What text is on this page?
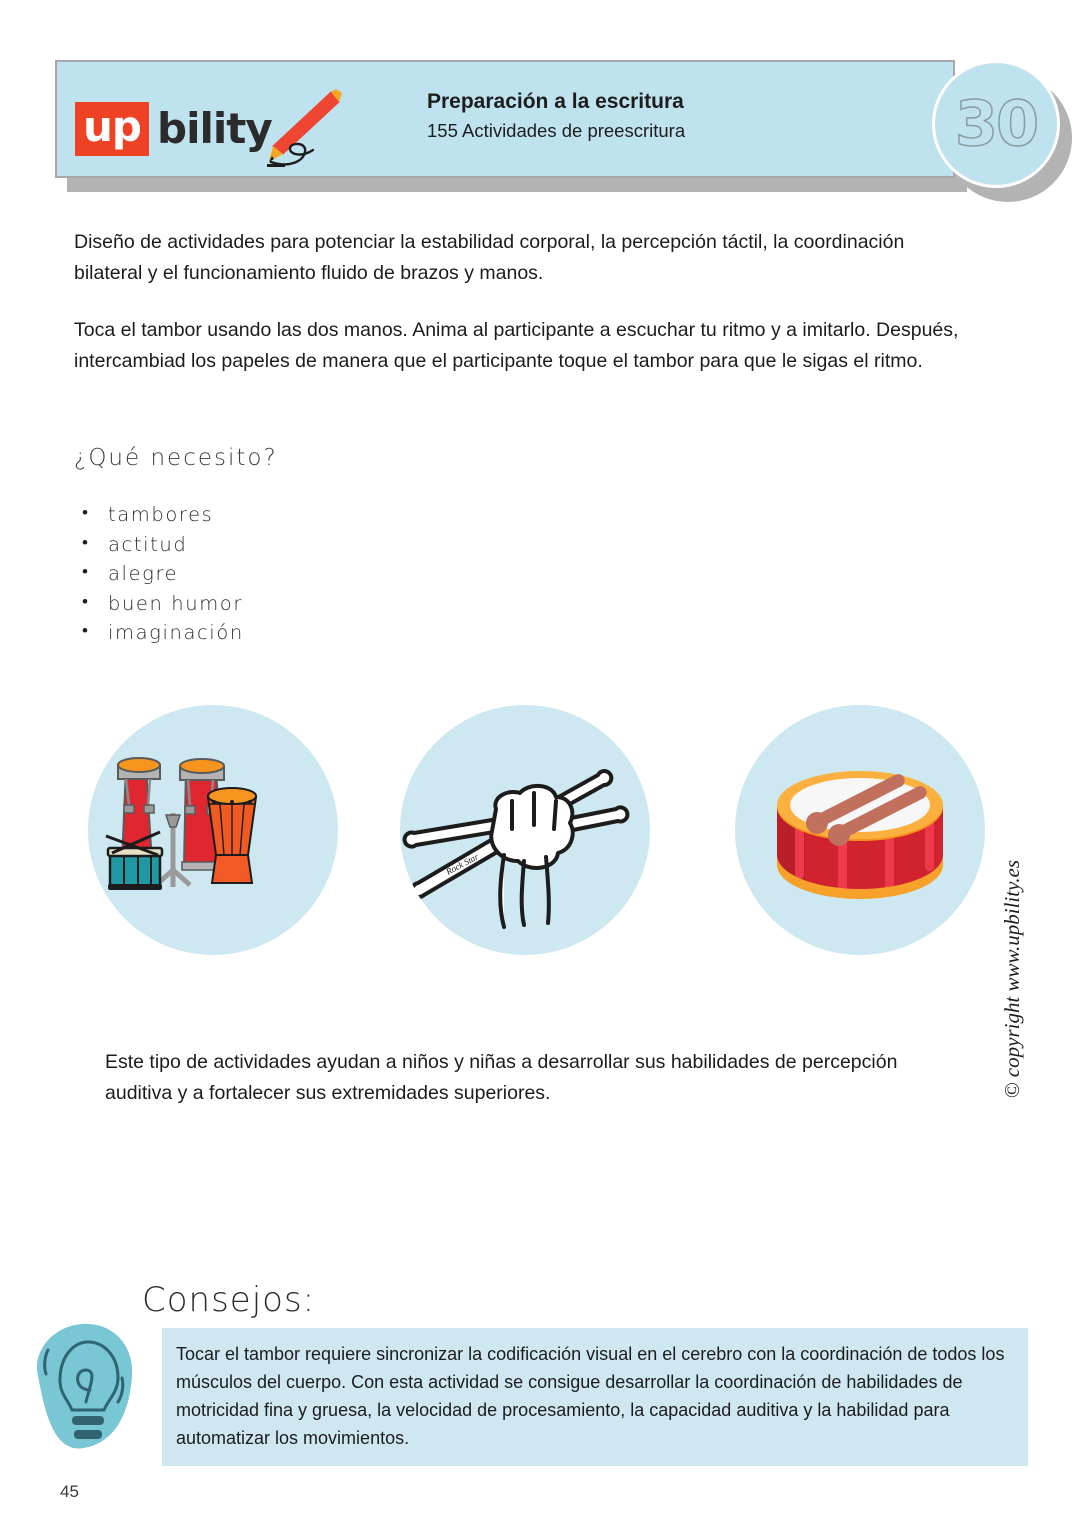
up bility
Preparación a la escritura
155 Actividades de preescritura	30
Diseño de actividades para potenciar la estabilidad corporal, la percepción táctil, la coordinación bilateral y el funcionamiento fluido de brazos y manos.
Toca el tambor usando las dos manos. Anima al participante a escuchar tu ritmo y a imitarlo. Después, intercambiad los papeles de manera que el participante toque el tambor para que le sigas el ritmo.
¿Qué necesito?
• tambores
• actitud
• alegre
• buen humor
• imaginación
Rock Star
Este tipo de actividades ayudan a niños y niñas a desarrollar sus habilidades de percepción auditiva y a fortalecer sus extremidades superiores.	© copyright www.upbility.es
Consejos:

Tocar el tambor requiere sincronizar la codificación visual en el cerebro con la coordinación de todos los músculos del cuerpo. Con esta actividad se consigue desarrollar la coordinación de habilidades de motricidad fina y gruesa, la velocidad de procesamiento, la capacidad auditiva y la habilidad para automatizar los movimientos.

45
